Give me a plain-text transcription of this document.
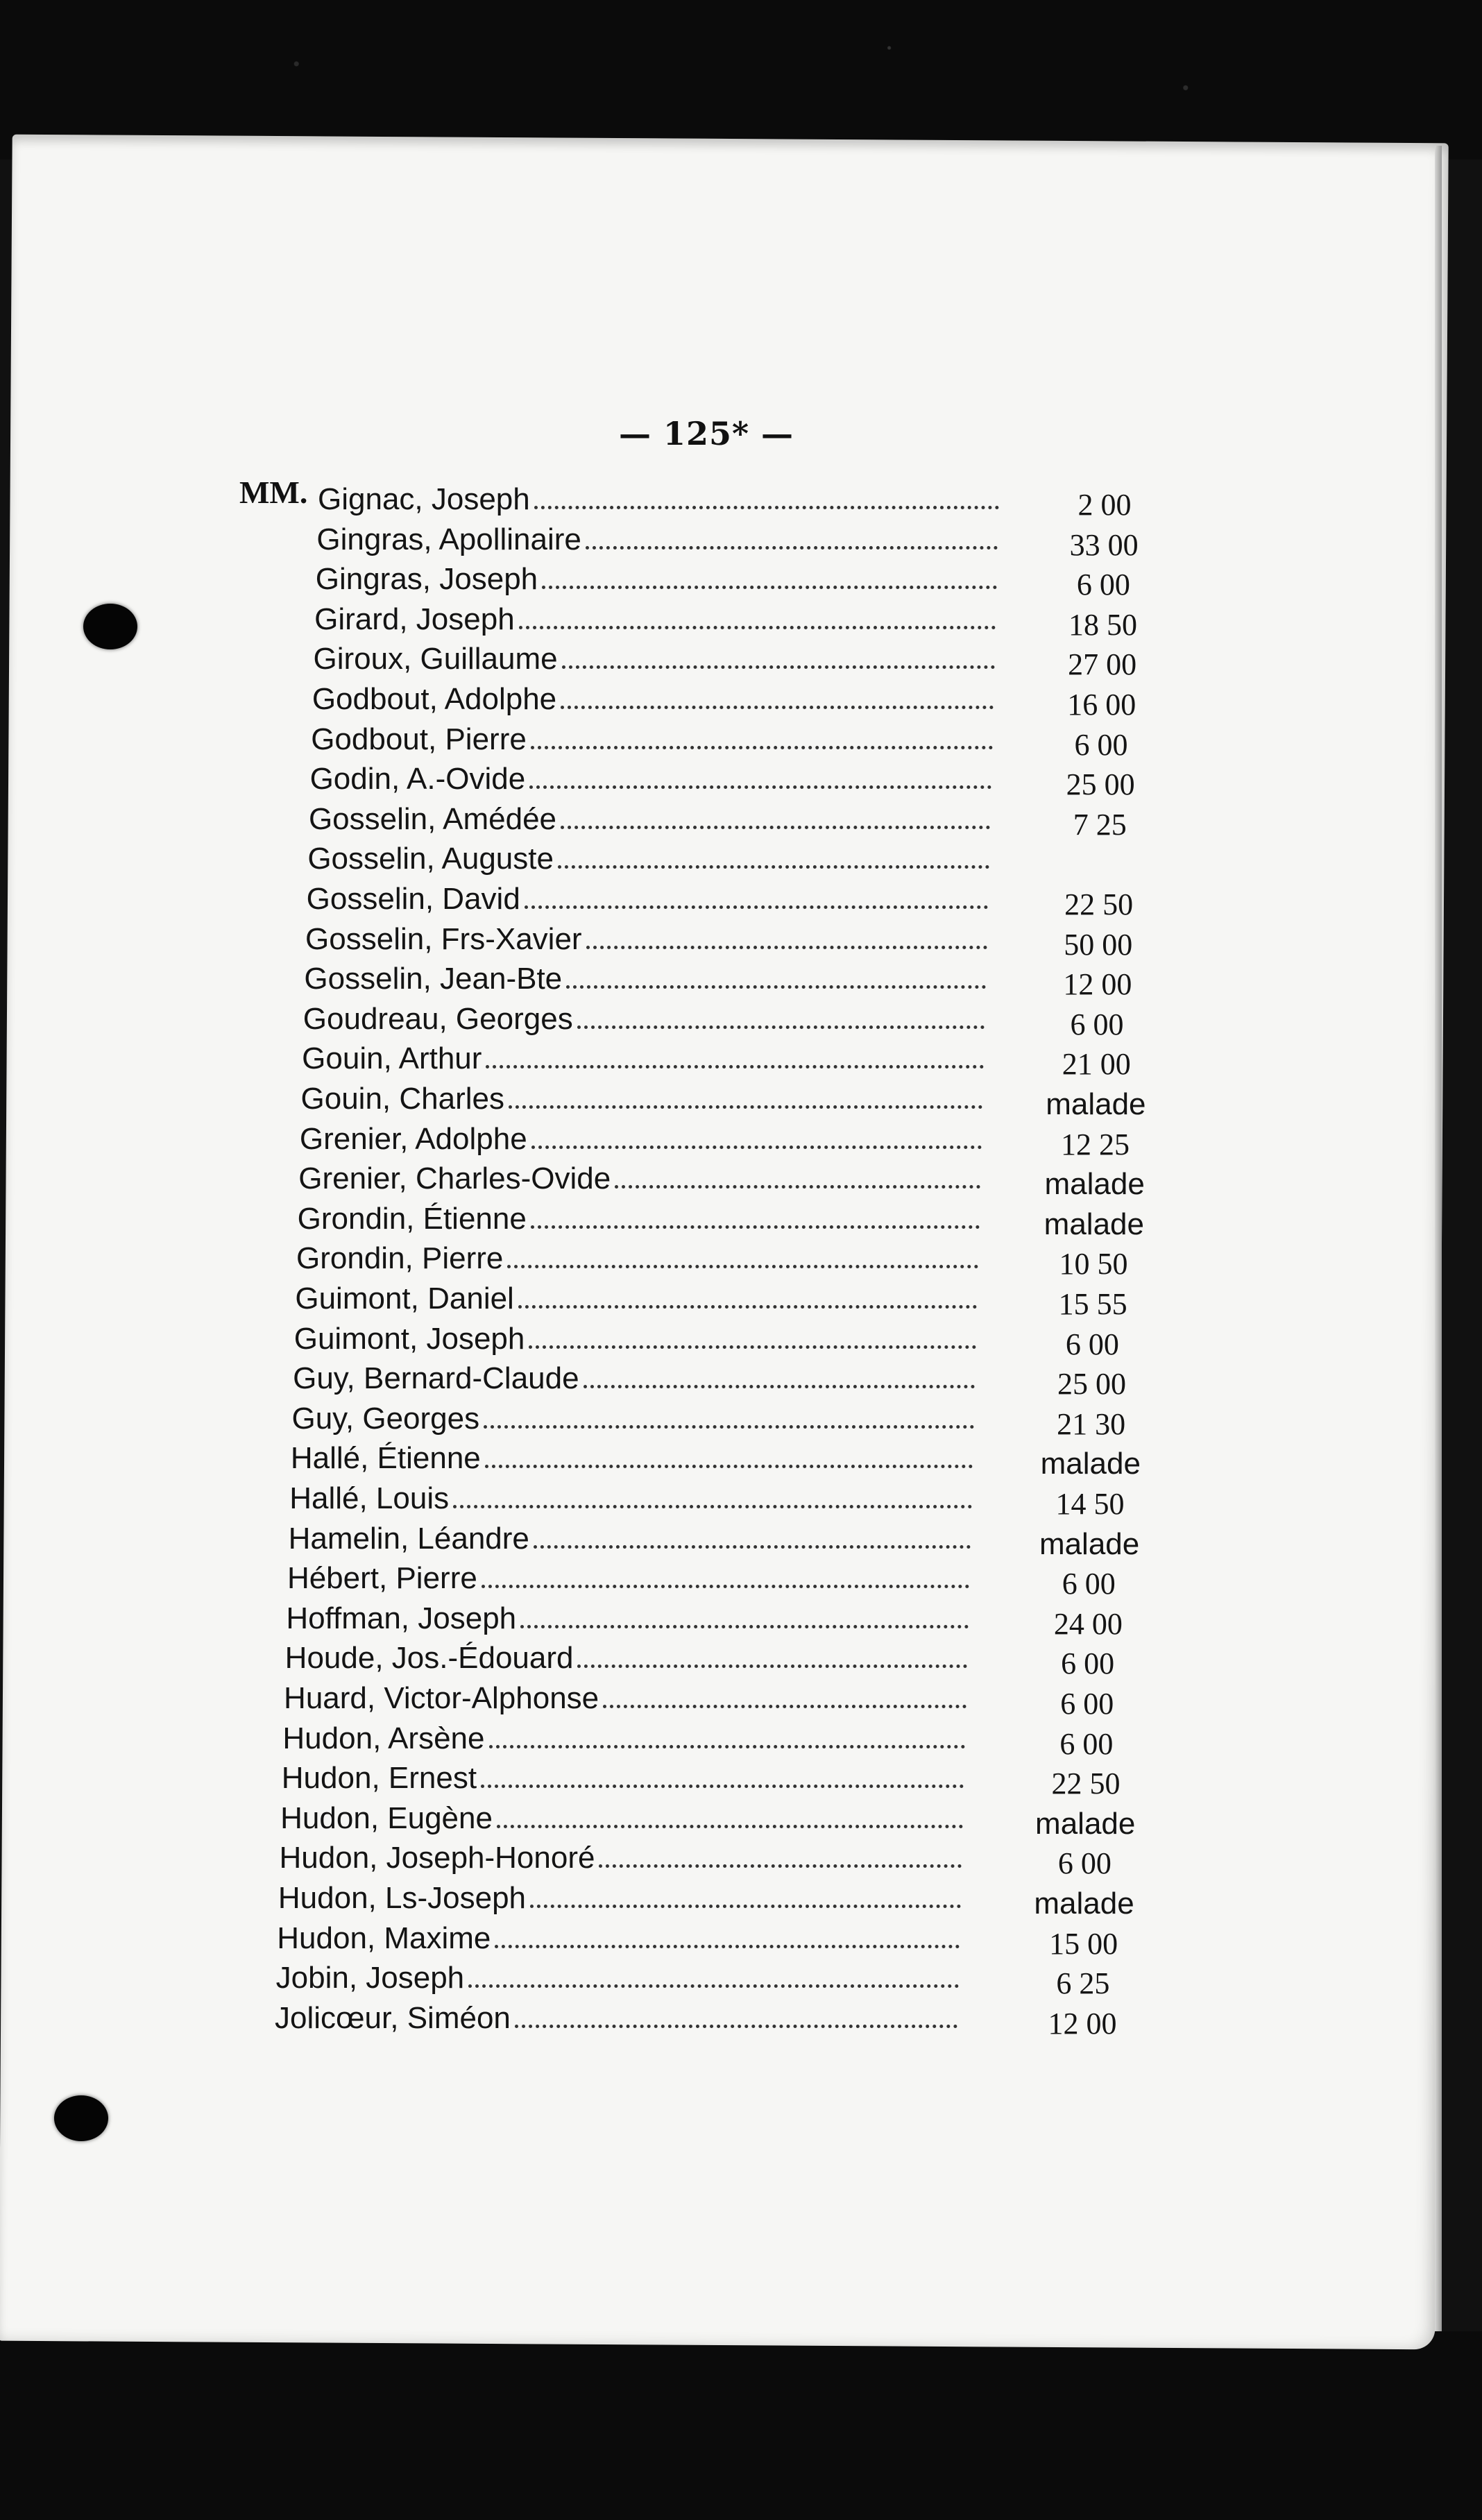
— 125* —
MM. Gignac, Joseph	2 00
Gingras, Apollinaire	33 00
Gingras, Joseph	6 00
Girard, Joseph	18 50
Giroux, Guillaume	27 00
Godbout, Adolphe	16 00
Godbout, Pierre	6 00
Godin, A.-Ovide	25 00
Gosselin, Amédée	7 25
Gosselin, Auguste
Gosselin, David	22 50
Gosselin, Frs-Xavier	50 00
Gosselin, Jean-Bte	12 00
Goudreau, Georges	6 00
Gouin, Arthur	21 00
Gouin, Charles	malade
Grenier, Adolphe	12 25
Grenier, Charles-Ovide	malade
Grondin, Étienne	malade
Grondin, Pierre	10 50
Guimont, Daniel	15 55
Guimont, Joseph	6 00
Guy, Bernard-Claude	25 00
Guy, Georges	21 30
Hallé, Étienne	malade
Hallé, Louis	14 50
Hamelin, Léandre	malade
Hébert, Pierre	6 00
Hoffman, Joseph	24 00
Houde, Jos.-Édouard	6 00
Huard, Victor-Alphonse	6 00
Hudon, Arsène	6 00
Hudon, Ernest	22 50
Hudon, Eugène	malade
Hudon, Joseph-Honoré	6 00
Hudon, Ls-Joseph	malade
Hudon, Maxime	15 00
Jobin, Joseph	6 25
Jolicœur, Siméon	12 00
